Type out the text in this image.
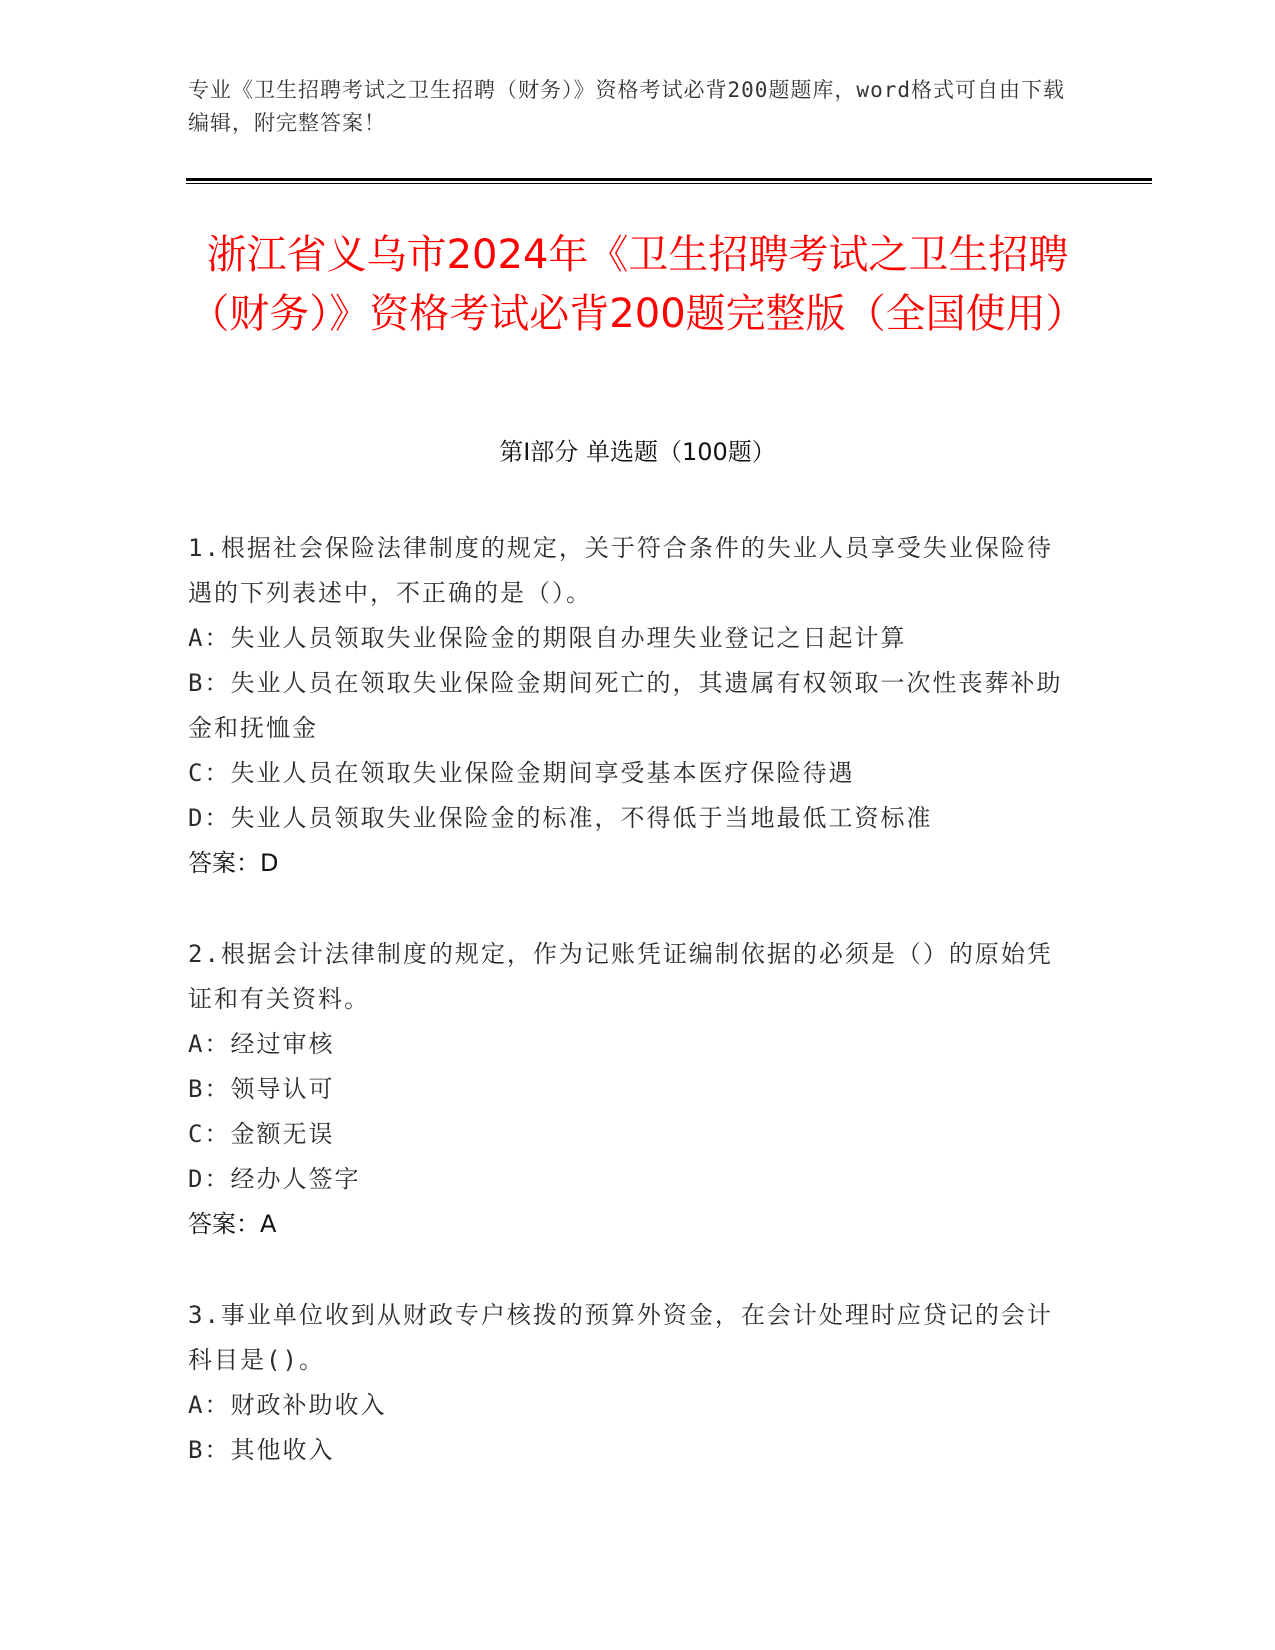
专业《卫生招聘考试之卫生招聘（财务）》资格考试必背200题题库，word格式可自由下载编辑，附完整答案！
浙江省义乌市2024年《卫生招聘考试之卫生招聘（财务）》资格考试必背200题完整版（全国使用）
第Ⅰ部分 单选题（100题）
1.根据社会保险法律制度的规定，关于符合条件的失业人员享受失业保险待遇的下列表述中，不正确的是（）。
A：失业人员领取失业保险金的期限自办理失业登记之日起计算
B：失业人员在领取失业保险金期间死亡的，其遗属有权领取一次性丧葬补助金和抚恤金
C：失业人员在领取失业保险金期间享受基本医疗保险待遇
D：失业人员领取失业保险金的标准，不得低于当地最低工资标准
答案：D
2.根据会计法律制度的规定，作为记账凭证编制依据的必须是（）的原始凭证和有关资料。
A：经过审核
B：领导认可
C：金额无误
D：经办人签字
答案：A
3.事业单位收到从财政专户核拨的预算外资金，在会计处理时应贷记的会计科目是()。
A：财政补助收入
B：其他收入
